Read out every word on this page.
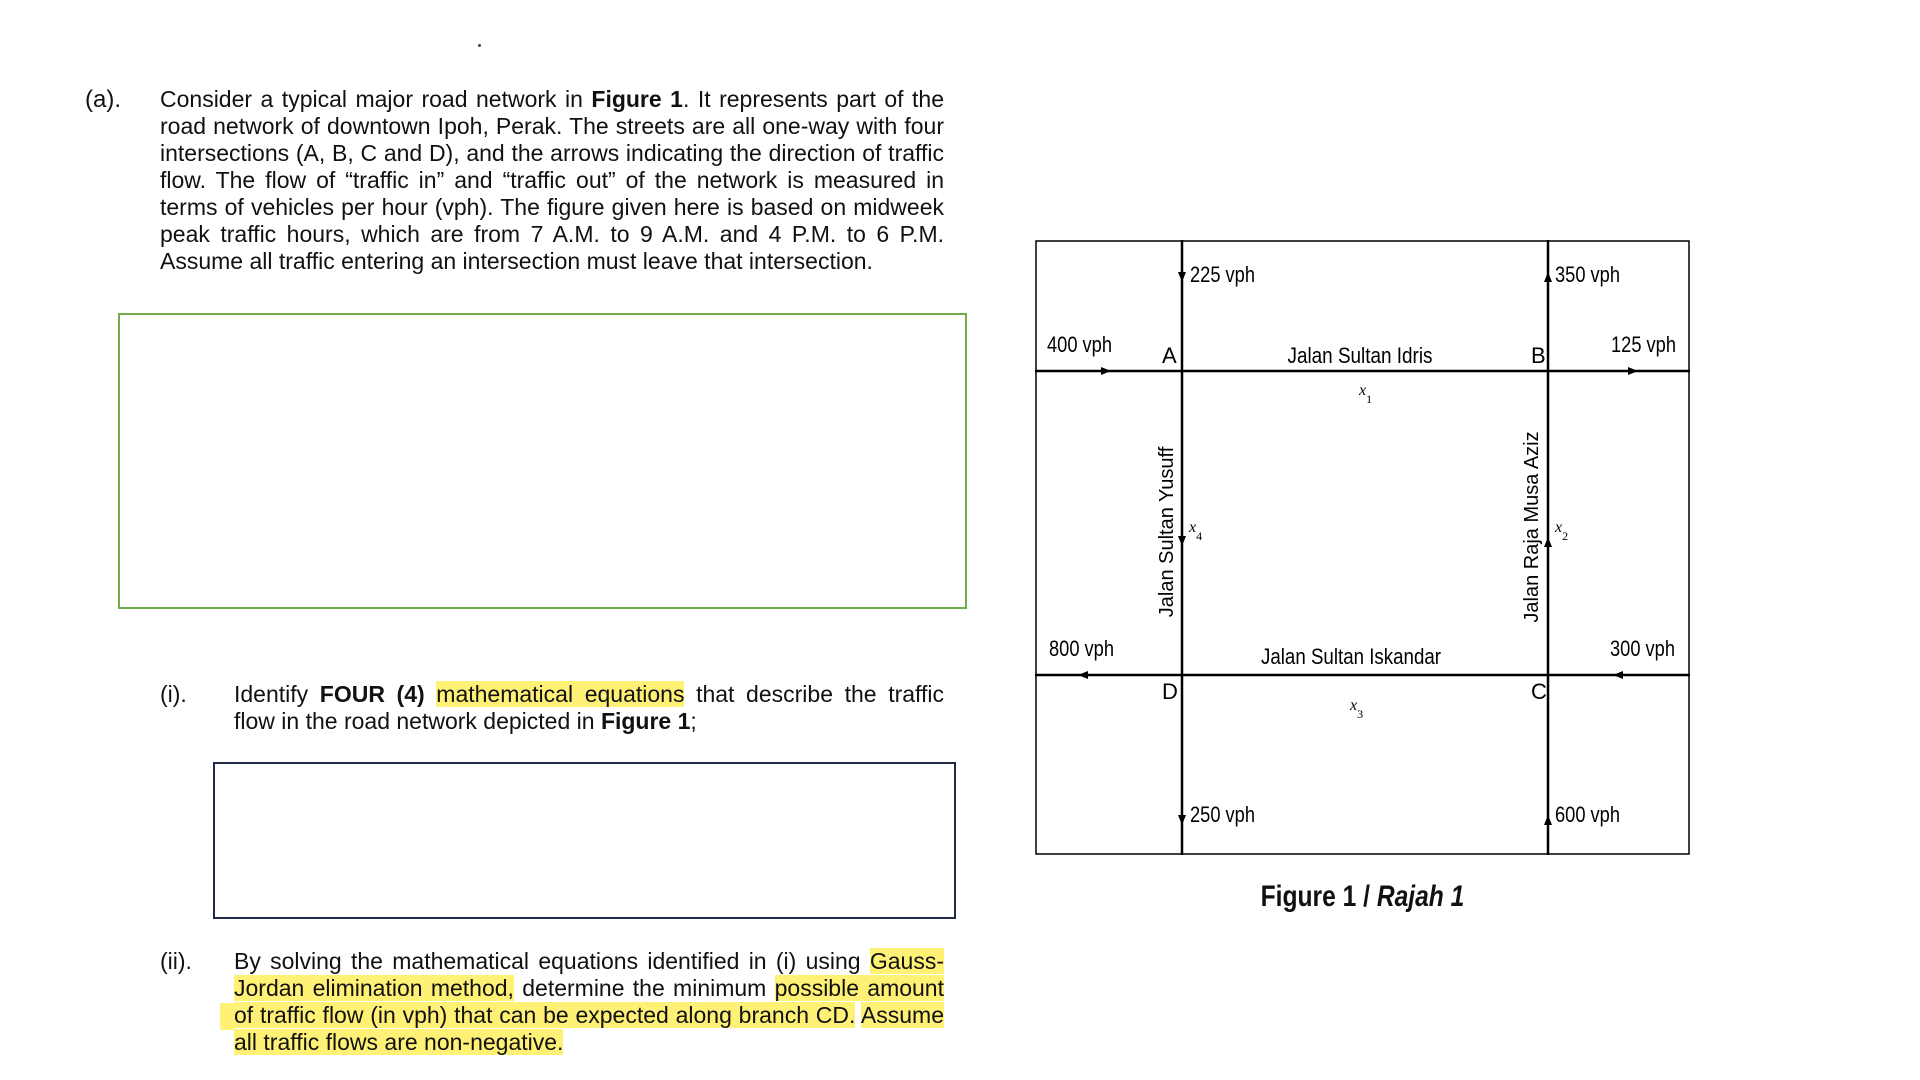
(a). Consider a typical major road network in Figure 1. It represents part of the road network of downtown Ipoh, Perak. The streets are all one-way with four intersections (A, B, C and D), and the arrows indicating the direction of traffic flow. The flow of “traffic in” and “traffic out” of the network is measured in terms of vehicles per hour (vph). The figure given here is based on midweek peak traffic hours, which are from 7 A.M. to 9 A.M. and 4 P.M. to 6 P.M. Assume all traffic entering an intersection must leave that intersection.
(i). Identify FOUR (4) mathematical equations that describe the traffic flow in the road network depicted in Figure 1;
(ii). By solving the mathematical equations identified in (i) using Gauss-Jordan elimination method, determine the minimum possible amount of traffic flow (in vph) that can be expected along branch CD. Assume all traffic flows are non-negative.
225 vph	350 vph
400 vph	125 vph
800 vph	300 vph
250 vph	600 vph
A	B
C
D
Jalan Sultan Idris
Jalan Sultan Iskandar
Jalan Sultan Yusuff	Jalan Raja Musa Aziz
$x_1$
$x_2$
$x_3$
$x_4$
Figure 1 / Rajah 1
